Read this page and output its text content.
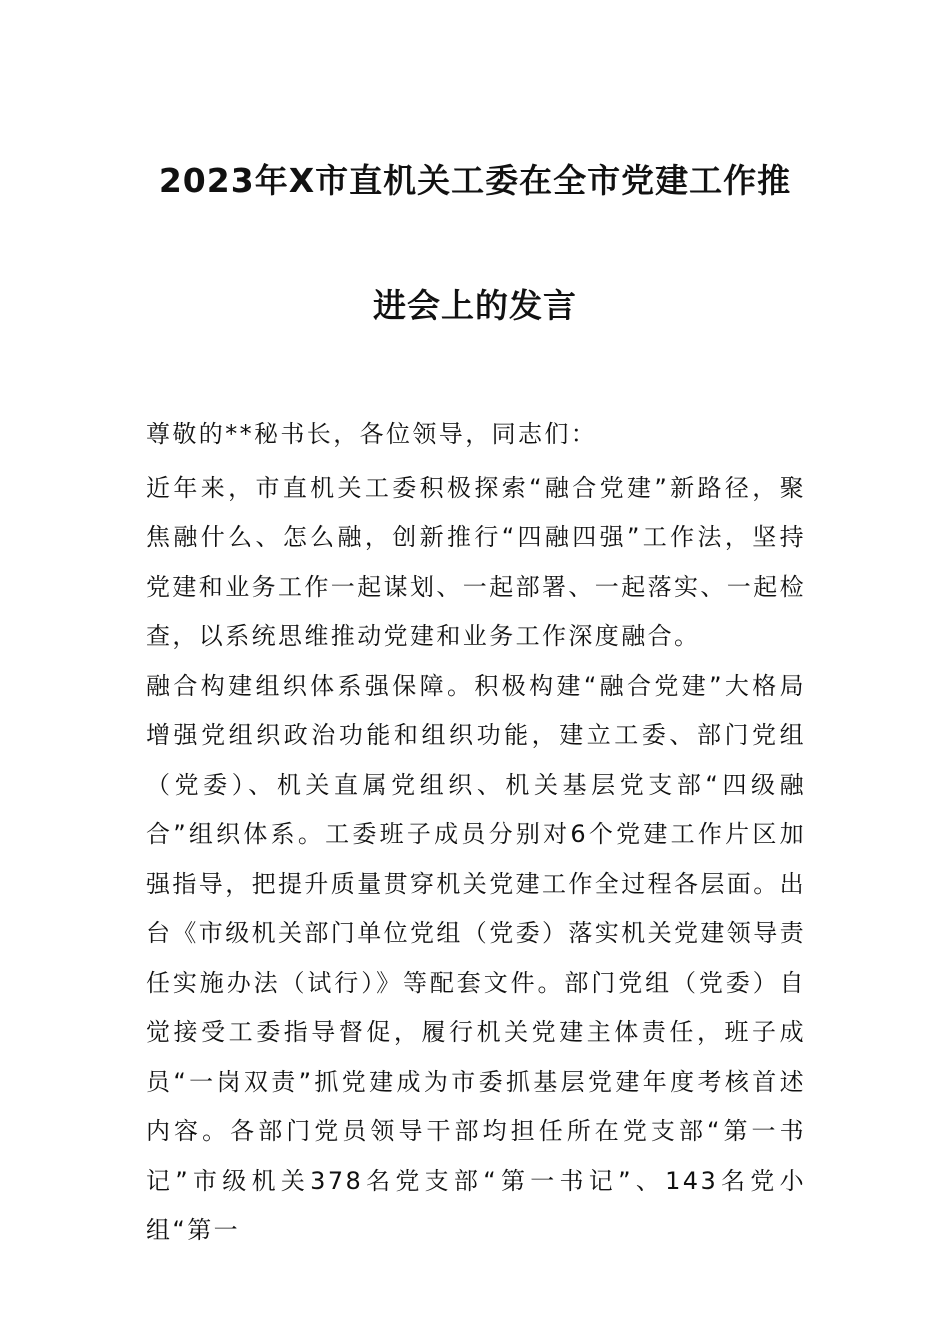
2023年X市直机关工委在全市党建工作推
进会上的发言

尊敬的**秘书长，各位领导，同志们：

近年来，市直机关工委积极探索“融合党建”新路径，聚焦融什么、怎么融，创新推行“四融四强”工作法，坚持党建和业务工作一起谋划、一起部署、一起落实、一起检查，以系统思维推动党建和业务工作深度融合。

融合构建组织体系强保障。积极构建“融合党建”大格局增强党组织政治功能和组织功能，建立工委、部门党组（党委）、机关直属党组织、机关基层党支部“四级融合”组织体系。工委班子成员分别对6个党建工作片区加强指导，把提升质量贯穿机关党建工作全过程各层面。出台《市级机关部门单位党组（党委）落实机关党建领导责任实施办法（试行）》等配套文件。部门党组（党委）自觉接受工委指导督促，履行机关党建主体责任，班子成员“一岗双责”抓党建成为市委抓基层党建年度考核首述内容。各部门党员领导干部均担任所在党支部“第一书记”市级机关378名党支部“第一书记”、143名党小组“第一
